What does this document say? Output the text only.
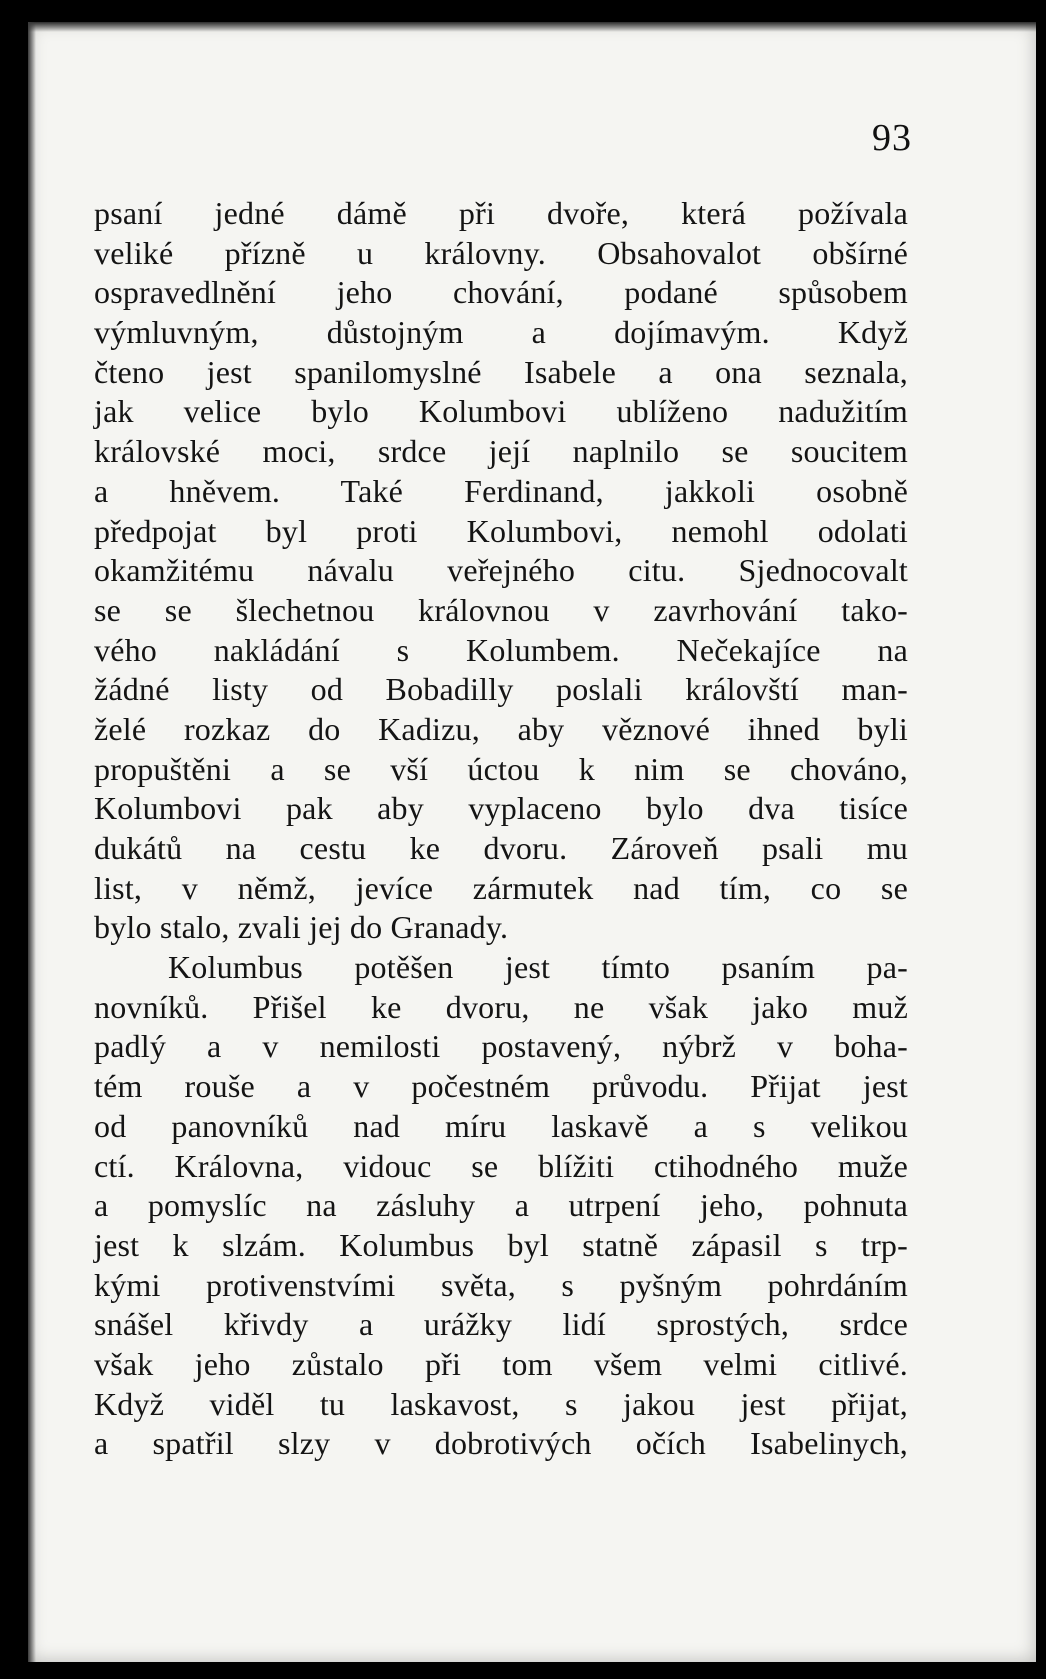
93
psaní jedné dámě při dvoře, která požívala
veliké přízně u královny. Obsahovalot obšírné
ospravedlnění jeho chování, podané spůsobem
výmluvným, důstojným a dojímavým. Když
čteno jest spanilomyslné Isabele a ona seznala,
jak velice bylo Kolumbovi ublíženo nadužitím
královské moci, srdce její naplnilo se soucitem
a hněvem. Také Ferdinand, jakkoli osobně
předpojat byl proti Kolumbovi, nemohl odolati
okamžitému návalu veřejného citu. Sjednocovalt
se se šlechetnou královnou v zavrhování tako-
vého nakládání s Kolumbem. Nečekajíce na
žádné listy od Bobadilly poslali královští man-
želé rozkaz do Kadizu, aby věznové ihned byli
propuštěni a se vší úctou k nim se chováno,
Kolumbovi pak aby vyplaceno bylo dva tisíce
dukátů na cestu ke dvoru. Zároveň psali mu
list, v němž, jevíce zármutek nad tím, co se
bylo stalo, zvali jej do Granady.
Kolumbus potěšen jest tímto psaním pa-
novníků. Přišel ke dvoru, ne však jako muž
padlý a v nemilosti postavený, nýbrž v boha-
tém rouše a v počestném průvodu. Přijat jest
od panovníků nad míru laskavě a s velikou
ctí. Královna, vidouc se blížiti ctihodného muže
a pomyslíc na zásluhy a utrpení jeho, pohnuta
jest k slzám. Kolumbus byl statně zápasil s trp-
kými protivenstvími světa, s pyšným pohrdáním
snášel křivdy a urážky lidí sprostých, srdce
však jeho zůstalo při tom všem velmi citlivé.
Když viděl tu laskavost, s jakou jest přijat,
a spatřil slzy v dobrotivých očích Isabelinych,
